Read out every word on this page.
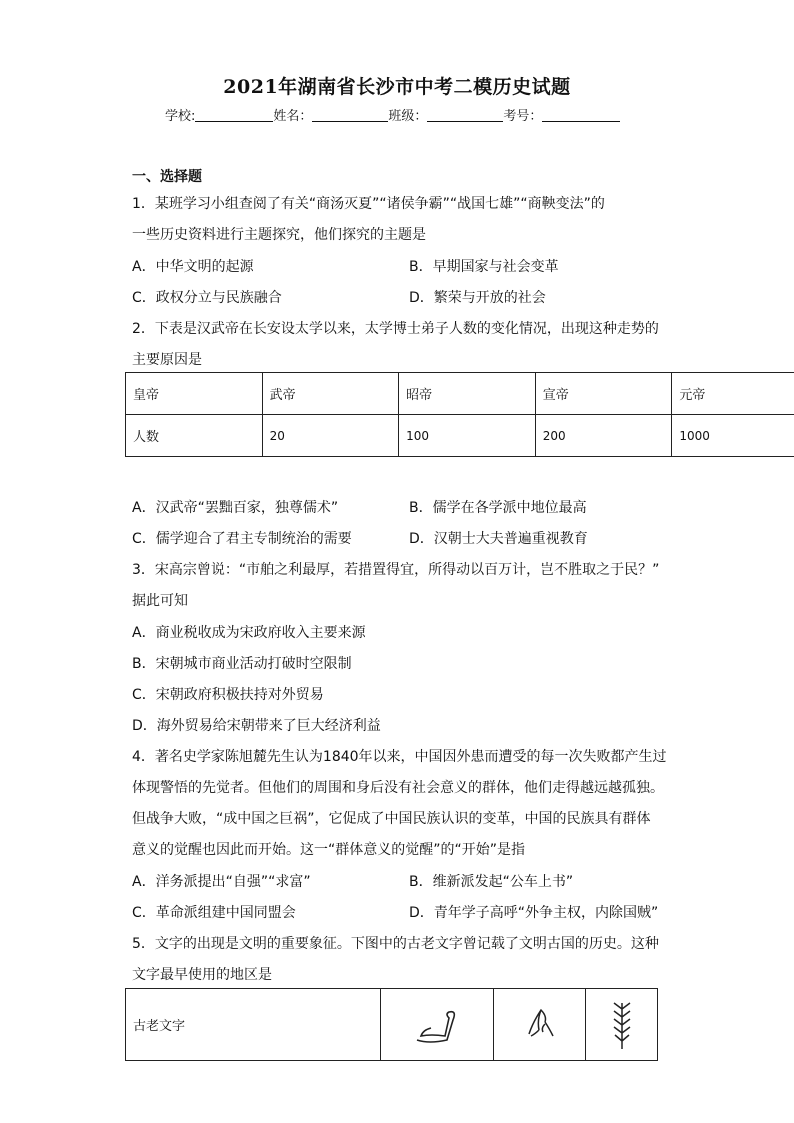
2021年湖南省长沙市中考二模历史试题
学校:	姓名：	班级：	考号：
一、选择题
1．某班学习小组查阅了有关“商汤灭夏”“诸侯争霸”“战国七雄”“商鞅变法”的
一些历史资料进行主题探究，他们探究的主题是
A．中华文明的起源	B．早期国家与社会变革
C．政权分立与民族融合	D．繁荣与开放的社会
2．下表是汉武帝在长安设太学以来，太学博士弟子人数的变化情况，出现这种走势的
主要原因是
皇帝	武帝	昭帝	宣帝	元帝
人数	20	100	200	1000
A．汉武帝“罢黜百家，独尊儒术”	B．儒学在各学派中地位最高
C．儒学迎合了君主专制统治的需要	D．汉朝士大夫普遍重视教育
3．宋高宗曾说：“市舶之利最厚，若措置得宜，所得动以百万计，岂不胜取之于民？”
据此可知
A．商业税收成为宋政府收入主要来源
B．宋朝城市商业活动打破时空限制
C．宋朝政府积极扶持对外贸易
D．海外贸易给宋朝带来了巨大经济利益
4．著名史学家陈旭麓先生认为1840年以来，中国因外患而遭受的每一次失败都产生过
体现警悟的先觉者。但他们的周围和身后没有社会意义的群体，他们走得越远越孤独。
但战争大败，“成中国之巨祸”，它促成了中国民族认识的变革，中国的民族具有群体
意义的觉醒也因此而开始。这一“群体意义的觉醒”的“开始”是指
A．洋务派提出“自强”“求富”	B．维新派发起“公车上书”
C．革命派组建中国同盟会	D．青年学子高呼“外争主权，内除国贼”
5．文字的出现是文明的重要象征。下图中的古老文字曾记载了文明古国的历史。这种
文字最早使用的地区是
古老文字	
